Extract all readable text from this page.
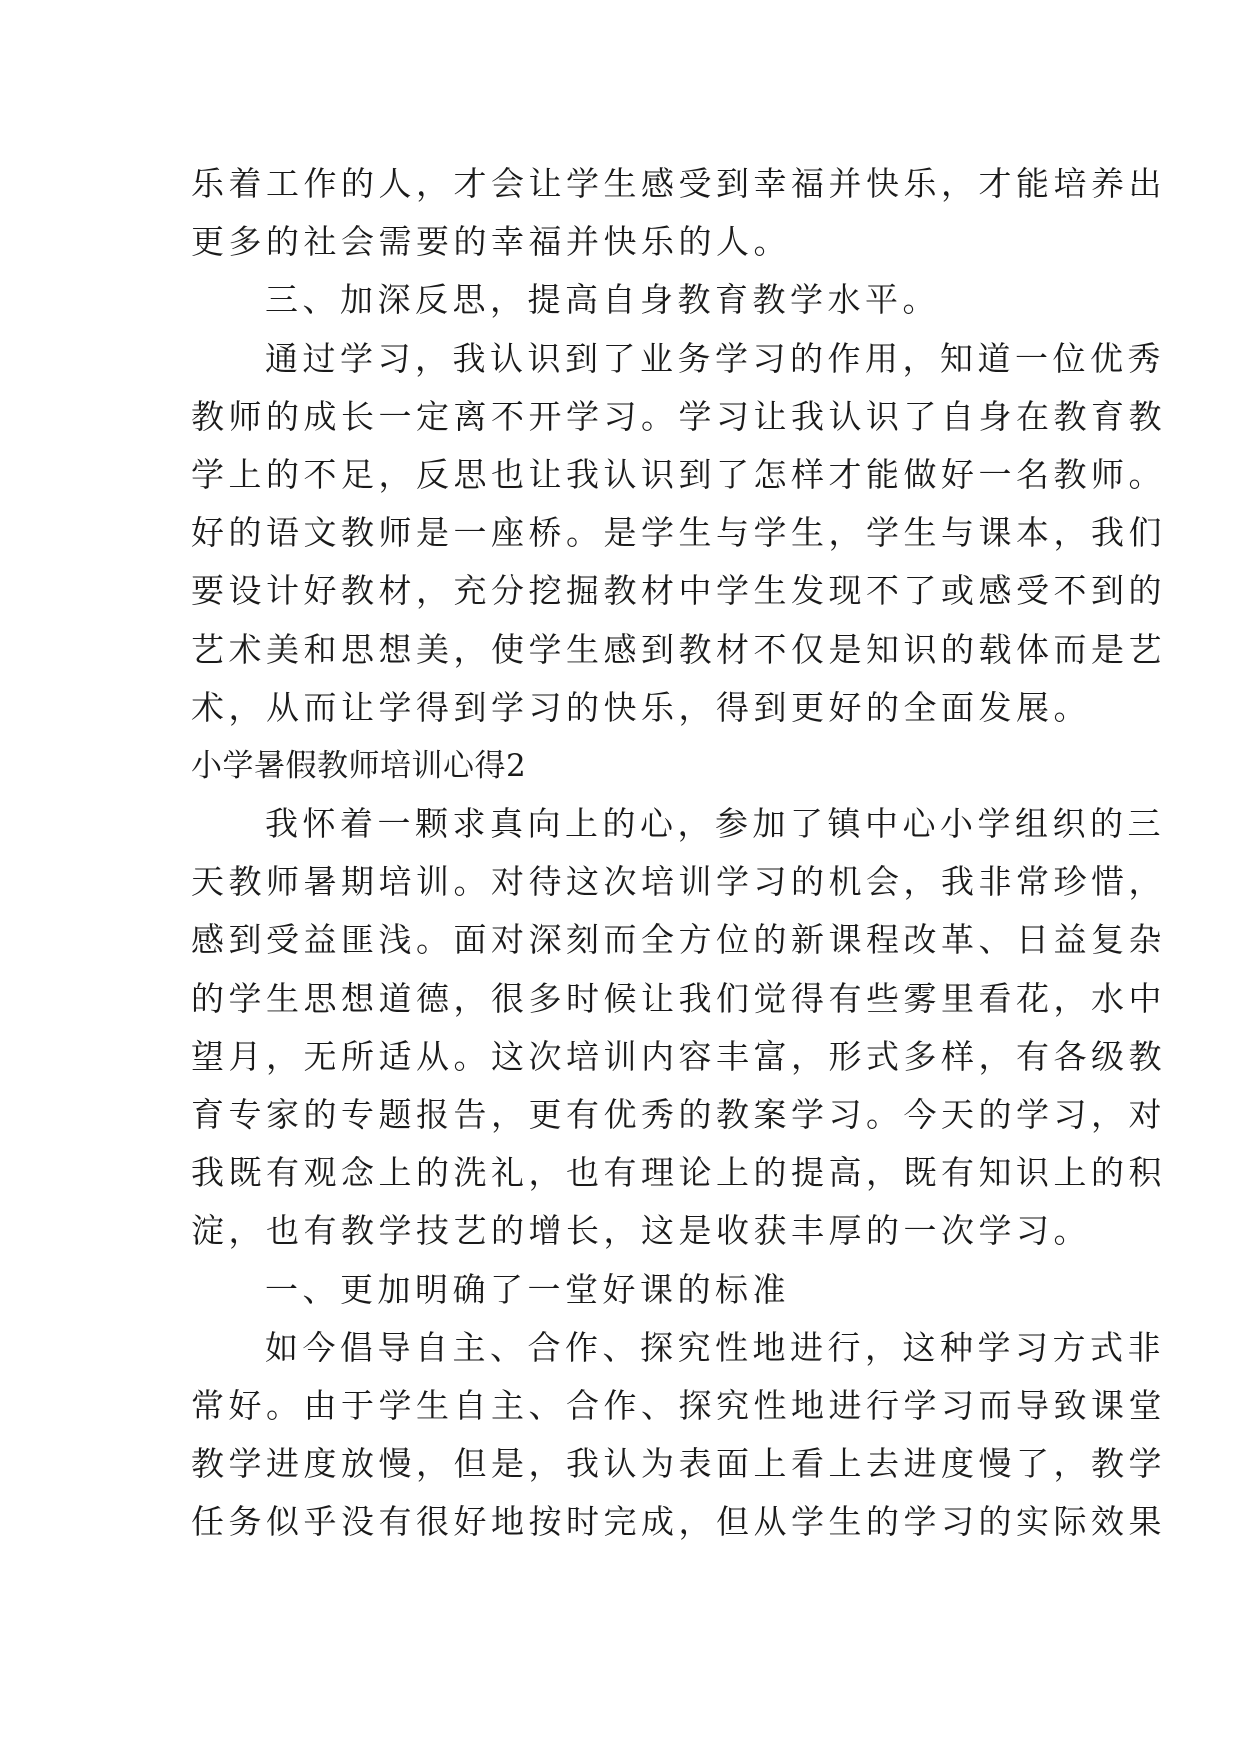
乐着工作的人，才会让学生感受到幸福并快乐，才能培养出
更多的社会需要的幸福并快乐的人。
三、加深反思，提高自身教育教学水平。
通过学习，我认识到了业务学习的作用，知道一位优秀
教师的成长一定离不开学习。学习让我认识了自身在教育教
学上的不足，反思也让我认识到了怎样才能做好一名教师。
好的语文教师是一座桥。是学生与学生，学生与课本，我们
要设计好教材，充分挖掘教材中学生发现不了或感受不到的
艺术美和思想美，使学生感到教材不仅是知识的载体而是艺
术，从而让学得到学习的快乐，得到更好的全面发展。
小学暑假教师培训心得2
我怀着一颗求真向上的心，参加了镇中心小学组织的三
天教师暑期培训。对待这次培训学习的机会，我非常珍惜，
感到受益匪浅。面对深刻而全方位的新课程改革、日益复杂
的学生思想道德，很多时候让我们觉得有些雾里看花，水中
望月，无所适从。这次培训内容丰富，形式多样，有各级教
育专家的专题报告，更有优秀的教案学习。今天的学习，对
我既有观念上的洗礼，也有理论上的提高，既有知识上的积
淀，也有教学技艺的增长，这是收获丰厚的一次学习。
一、更加明确了一堂好课的标准
如今倡导自主、合作、探究性地进行，这种学习方式非
常好。由于学生自主、合作、探究性地进行学习而导致课堂
教学进度放慢，但是，我认为表面上看上去进度慢了，教学
任务似乎没有很好地按时完成，但从学生的学习的实际效果
